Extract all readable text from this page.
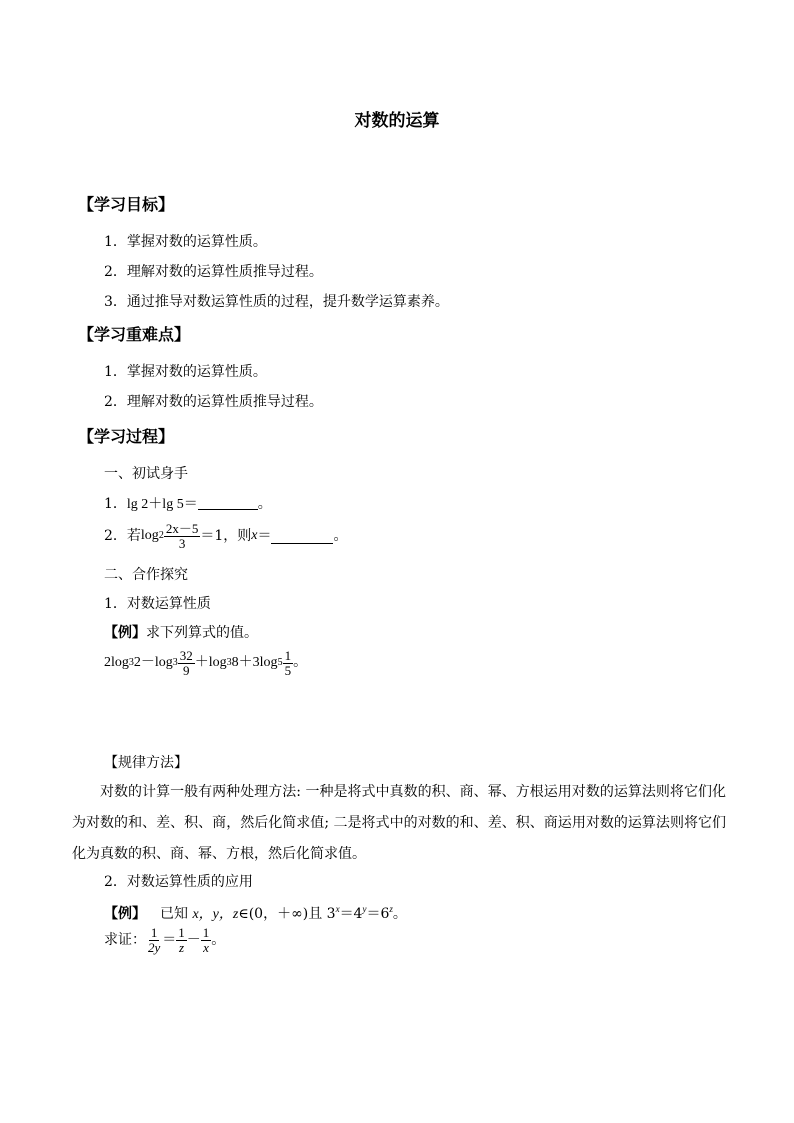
对数的运算
【学习目标】
1．掌握对数的运算性质。
2．理解对数的运算性质推导过程。
3．通过推导对数运算性质的过程，提升数学运算素养。
【学习重难点】
1．掌握对数的运算性质。
2．理解对数的运算性质推导过程。
【学习过程】
一、初试身手
1．lg 2＋lg 5＝	。
2．若 $\log 2 \frac{2x-5}{3} =1$，则 x ＝	。
二、合作探究
1．对数运算性质
【例】求下列算式的值。
2log 3 2－log $3 \frac{32}{9} +\log$ 3 8＋3log $5 \frac{1}{5}$ 。
【规律方法】
对数的计算一般有两种处理方法: 一种是将式中真数的积、商、幂、方根运用对数的运算法则将它们化为对数的和、差、积、商，然后化简求值; 二是将式中的对数的和、差、积、商运用对数的运算法则将它们化为真数的积、商、幂、方根，然后化简求值。
2．对数运算性质的应用
【例】 已知 x，y，z∈(0，＋∞)且 $3^x=4^y=6^z$。
求证： $\frac{1}{2y} = \frac{1}{z} - \frac{1}{x}$ 。
